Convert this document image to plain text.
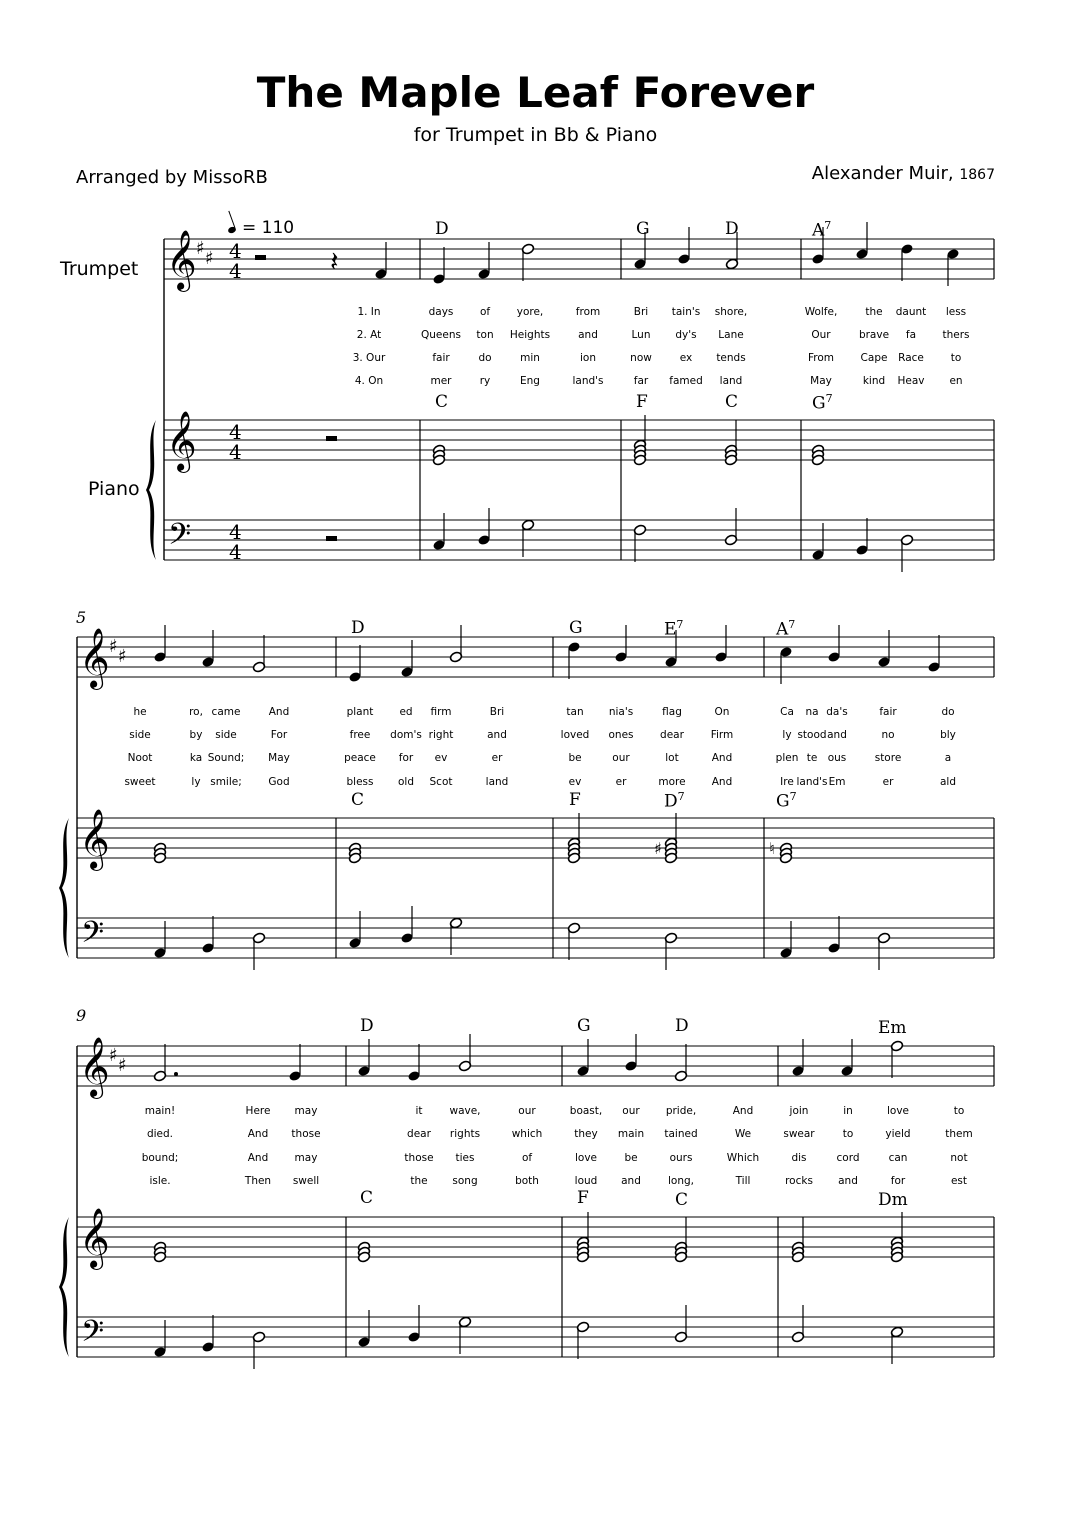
The Maple Leaf Forever
for Trumpet in Bb & Piano
Arranged by MissoRB	Alexander Muir, 1867
= 110
Trumpet
Piano
5
9
D	G	D	$A^7$
D	G	$E^7$	$A^7$
D	G	D	Em
C	F	C	$G^7$
C	F	$D^7$	$G^7$
C	F	C	Dm
𝄞
𝄞
𝄢
♯ ♯ 4
4
4
4
4
4
𝄞
𝄞
𝄢
♯ ♯
𝄞
𝄞
𝄢
♯ ♯
𝄽
♯	♮
1. In	days	of	yore,	from	Bri tain's shore,	Wolfe,	the daunt less
2. At	Queens ton Heights	and	Lun dy's Lane	Our	brave fa	thers
3. Our	fair	do	min	ion	now	ex tends	From	Cape Race	to
4. On	mer	ry	Eng	land's	far famed land	May	kind Heav en
he	ro, came	And	plant ed firm	Bri	tan nia's	flag	On	Ca na da's	fair	do
side	by side	For	free dom's right	and	loved ones	dear	Firm	ly stood and	no	bly
Noot	ka Sound; May	peace for ev	er	be	our	lot	And	plen te ous	store	a
sweet	ly smile;	God	bless old Scot	land	ev	er	more And	Ire land's Em	er	ald
main!	Here may	it	wave,	our	boast, our pride,	And	join	in	love	to
died.	And those	dear rights	which	they main tained	We	swear	to	yield	them
bound;	And	may	those ties	of	love	be	ours	Which	dis	cord	can	not
isle.	Then swell	the song	both	loud and	long,	Till	rocks and	for	est
